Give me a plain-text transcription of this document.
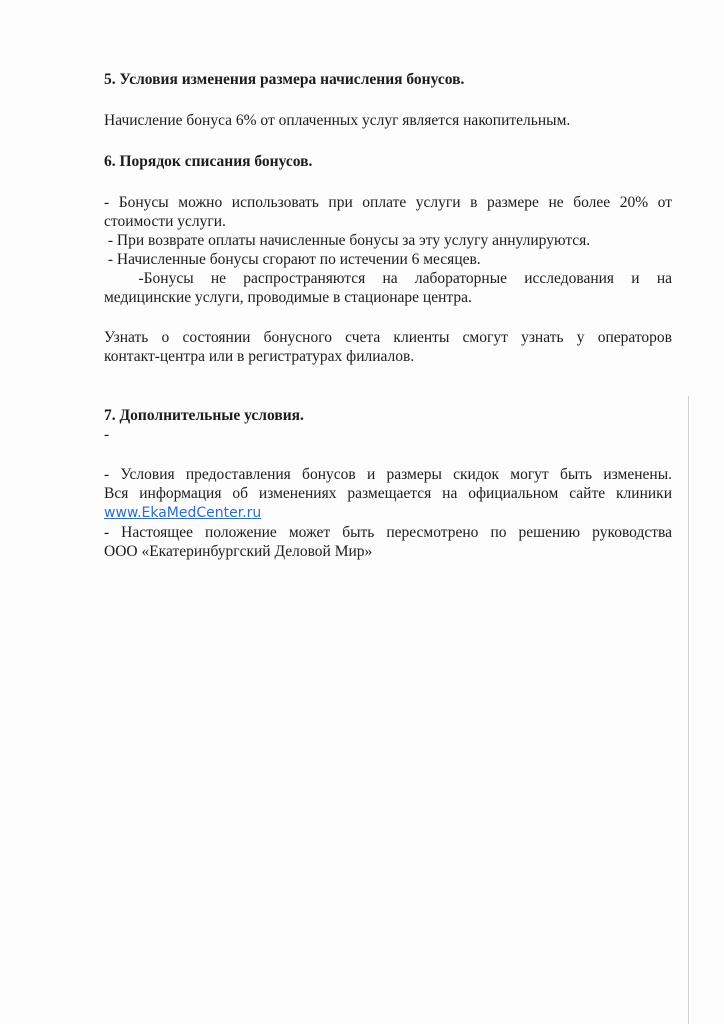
5. Условия изменения размера начисления бонусов.

Начисление бонуса 6% от оплаченных услуг является накопительным.

6. Порядок списания бонусов.

- Бонусы можно использовать при оплате услуги в размере не более 20% от

стоимости услуги.

- При возврате оплаты начисленные бонусы за эту услугу аннулируются.

- Начисленные бонусы сгорают по истечении 6 месяцев.

-Бонусы не распространяются на лабораторные исследования и на

медицинские услуги, проводимые в стационаре центра.

Узнать о состоянии бонусного счета клиенты смогут узнать у операторов

контакт-центра или в регистратурах филиалов.

7. Дополнительные условия.

-

- Условия предоставления бонусов и размеры скидок могут быть изменены.

Вся информация об изменениях размещается на официальном сайте клиники

www.EkaMedCenter.ru

- Настоящее положение может быть пересмотрено по решению руководства

ООО «Екатеринбургский Деловой Мир»
